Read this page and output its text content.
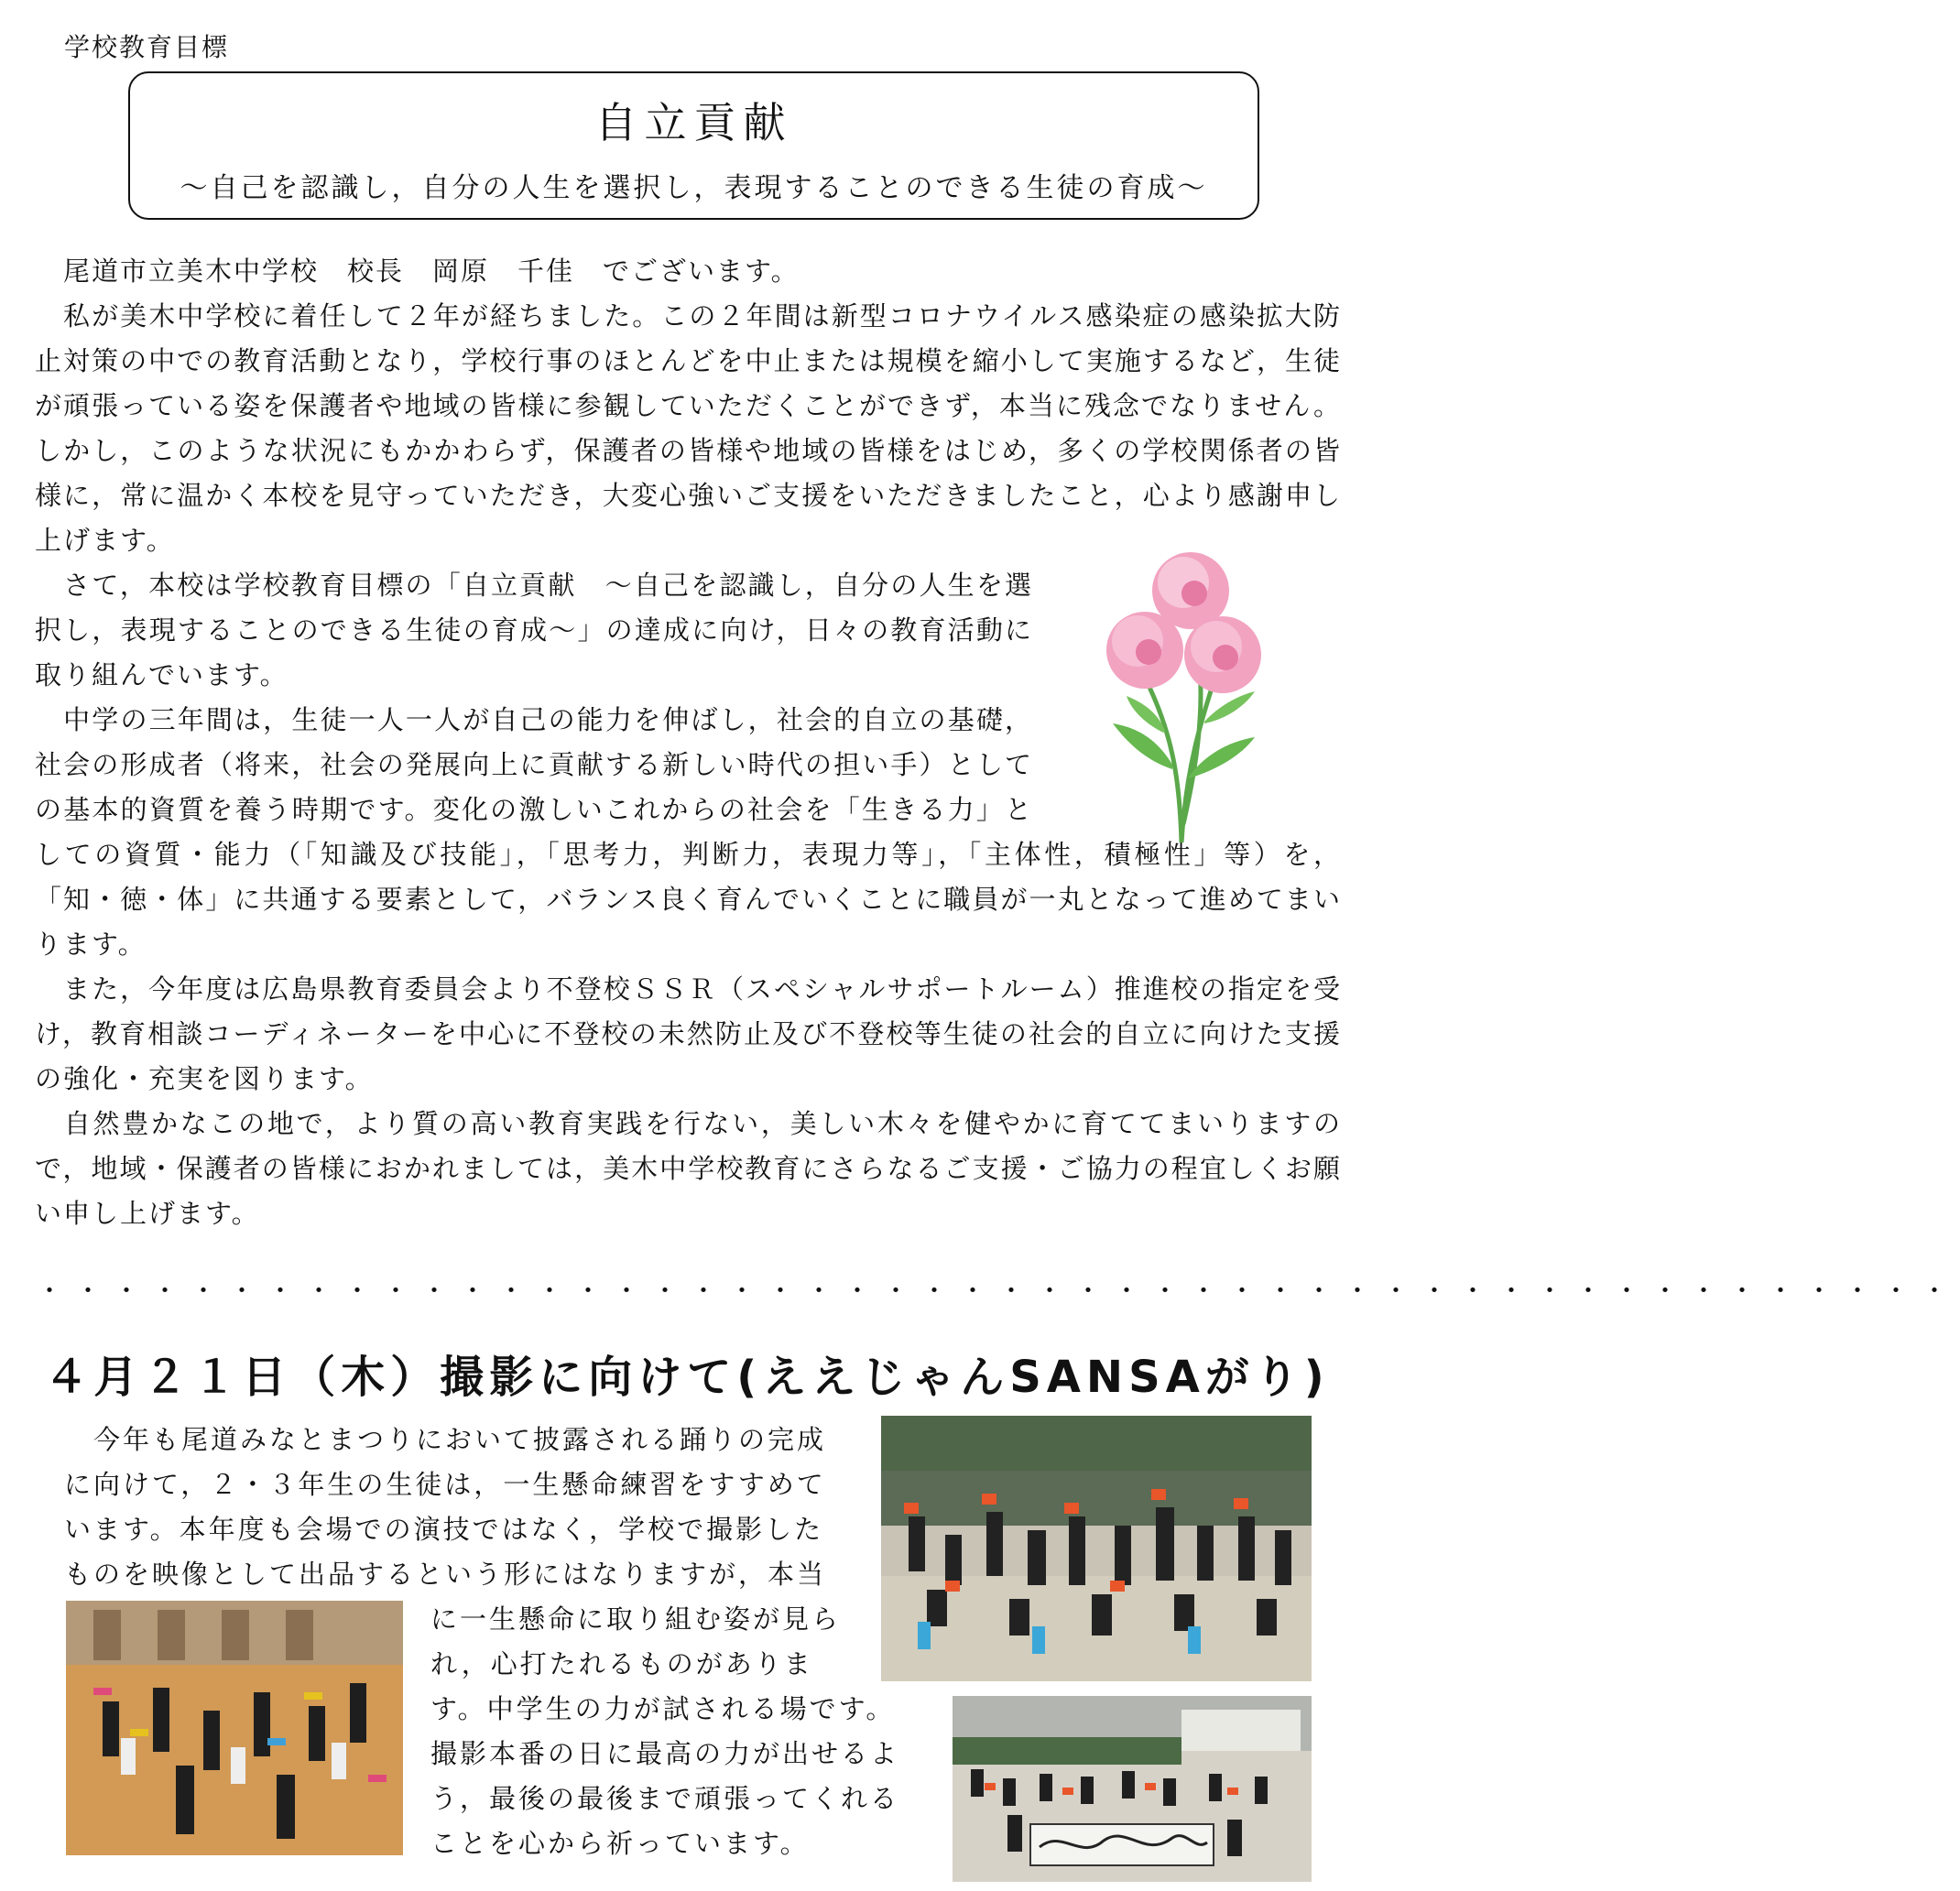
学校教育目標
自立貢献
～自己を認識し，自分の人生を選択し，表現することのできる生徒の育成～

　尾道市立美木中学校　校長　岡原　千佳　でございます。

　私が美木中学校に着任して２年が経ちました。この２年間は新型コロナウイルス感染症の感染拡大防止対策の中での教育活動となり，学校行事のほとんどを中止または規模を縮小して実施するなど，生徒が頑張っている姿を保護者や地域の皆様に参観していただくことができず，本当に残念でなりません。しかし，このような状況にもかかわらず，保護者の皆様や地域の皆様をはじめ，多くの学校関係者の皆様に，常に温かく本校を見守っていただき，大変心強いご支援をいただきましたこと，心より感謝申し上げます。

　さて，本校は学校教育目標の「自立貢献　～自己を認識し，自分の人生を選択し，表現することのできる生徒の育成～」の達成に向け，日々の教育活動に取り組んでいます。

　中学の三年間は，生徒一人一人が自己の能力を伸ばし，社会的自立の基礎，社会の形成者（将来，社会の発展向上に貢献する新しい時代の担い手）としての基本的資質を養う時期です。変化の激しいこれからの社会を「生きる力」としての資質・能力（「知識及び技能」，「思考力，判断力，表現力等」，「主体性，積極性」等）を，「知・徳・体」に共通する要素として，バランス良く育んでいくことに職員が一丸となって進めてまいります。

　また，今年度は広島県教育委員会より不登校ＳＳＲ（スペシャルサポートルーム）推進校の指定を受け，教育相談コーディネーターを中心に不登校の未然防止及び不登校等生徒の社会的自立に向けた支援の強化・充実を図ります。

　自然豊かなこの地で，より質の高い教育実践を行ない，美しい木々を健やかに育ててまいりますので，地域・保護者の皆様におかれましては，美木中学校教育にさらなるご支援・ご協力の程宜しくお願い申し上げます。

・・・・・・・・・・・・・・・・・・・・・・・・・・・・・・・・・・・・・・・・・・・・・・・・・・
４月２１日（木）撮影に向けて(ええじゃんSANSAがり)

　今年も尾道みなとまつりにおいて披露される踊りの完成

に向けて，２・３年生の生徒は，一生懸命練習をすすめて

います。本年度も会場での演技ではなく，学校で撮影した

ものを映像として出品するという形にはなりますが，本当

に一生懸命に取り組む姿が見ら

れ，心打たれるものがありま

す。中学生の力が試される場です。

撮影本番の日に最高の力が出せるよ

う，最後の最後まで頑張ってくれる

ことを心から祈っています。
